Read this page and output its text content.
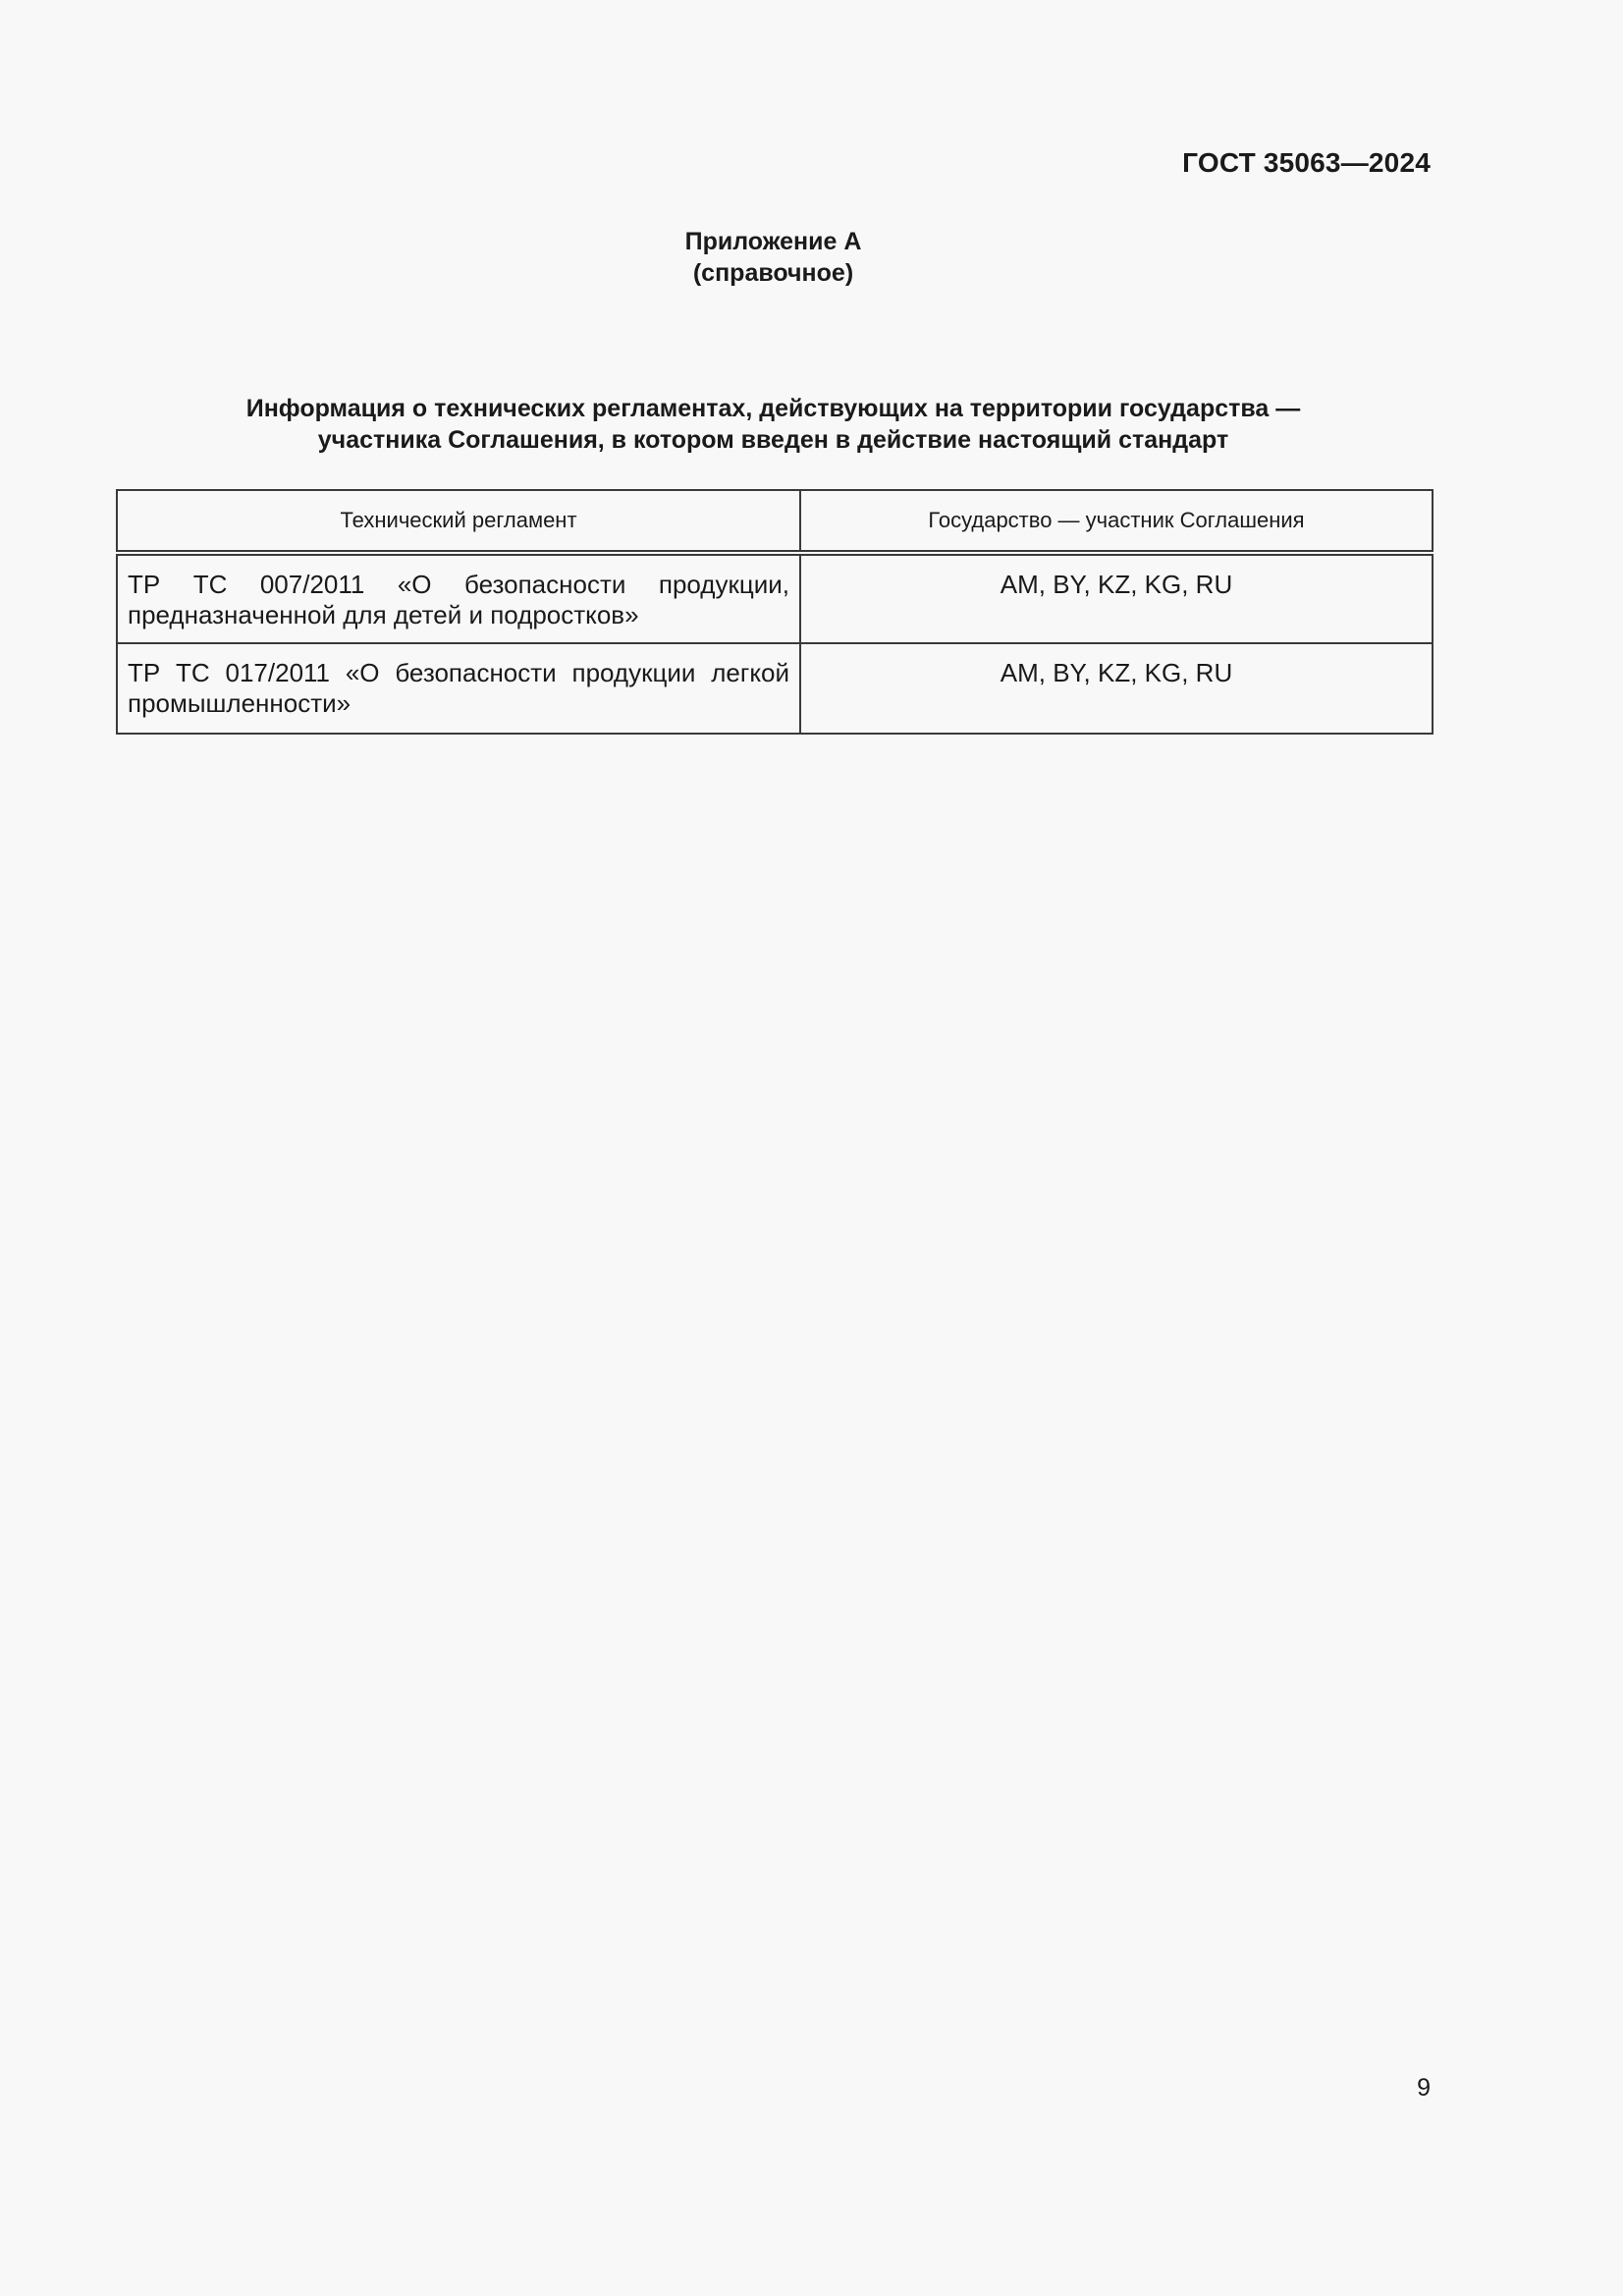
ГОСТ 35063—2024
Приложение А
(справочное)
Информация о технических регламентах, действующих на территории государства —
участника Соглашения, в котором введен в действие настоящий стандарт
Технический регламент	Государство — участник Соглашения
ТР ТС 007/2011 «О безопасности продукции, предназначенной для детей и подростков»	AM, BY, KZ, KG, RU
ТР ТС 017/2011 «О безопасности продукции легкой промышленности»	AM, BY, KZ, KG, RU
9
